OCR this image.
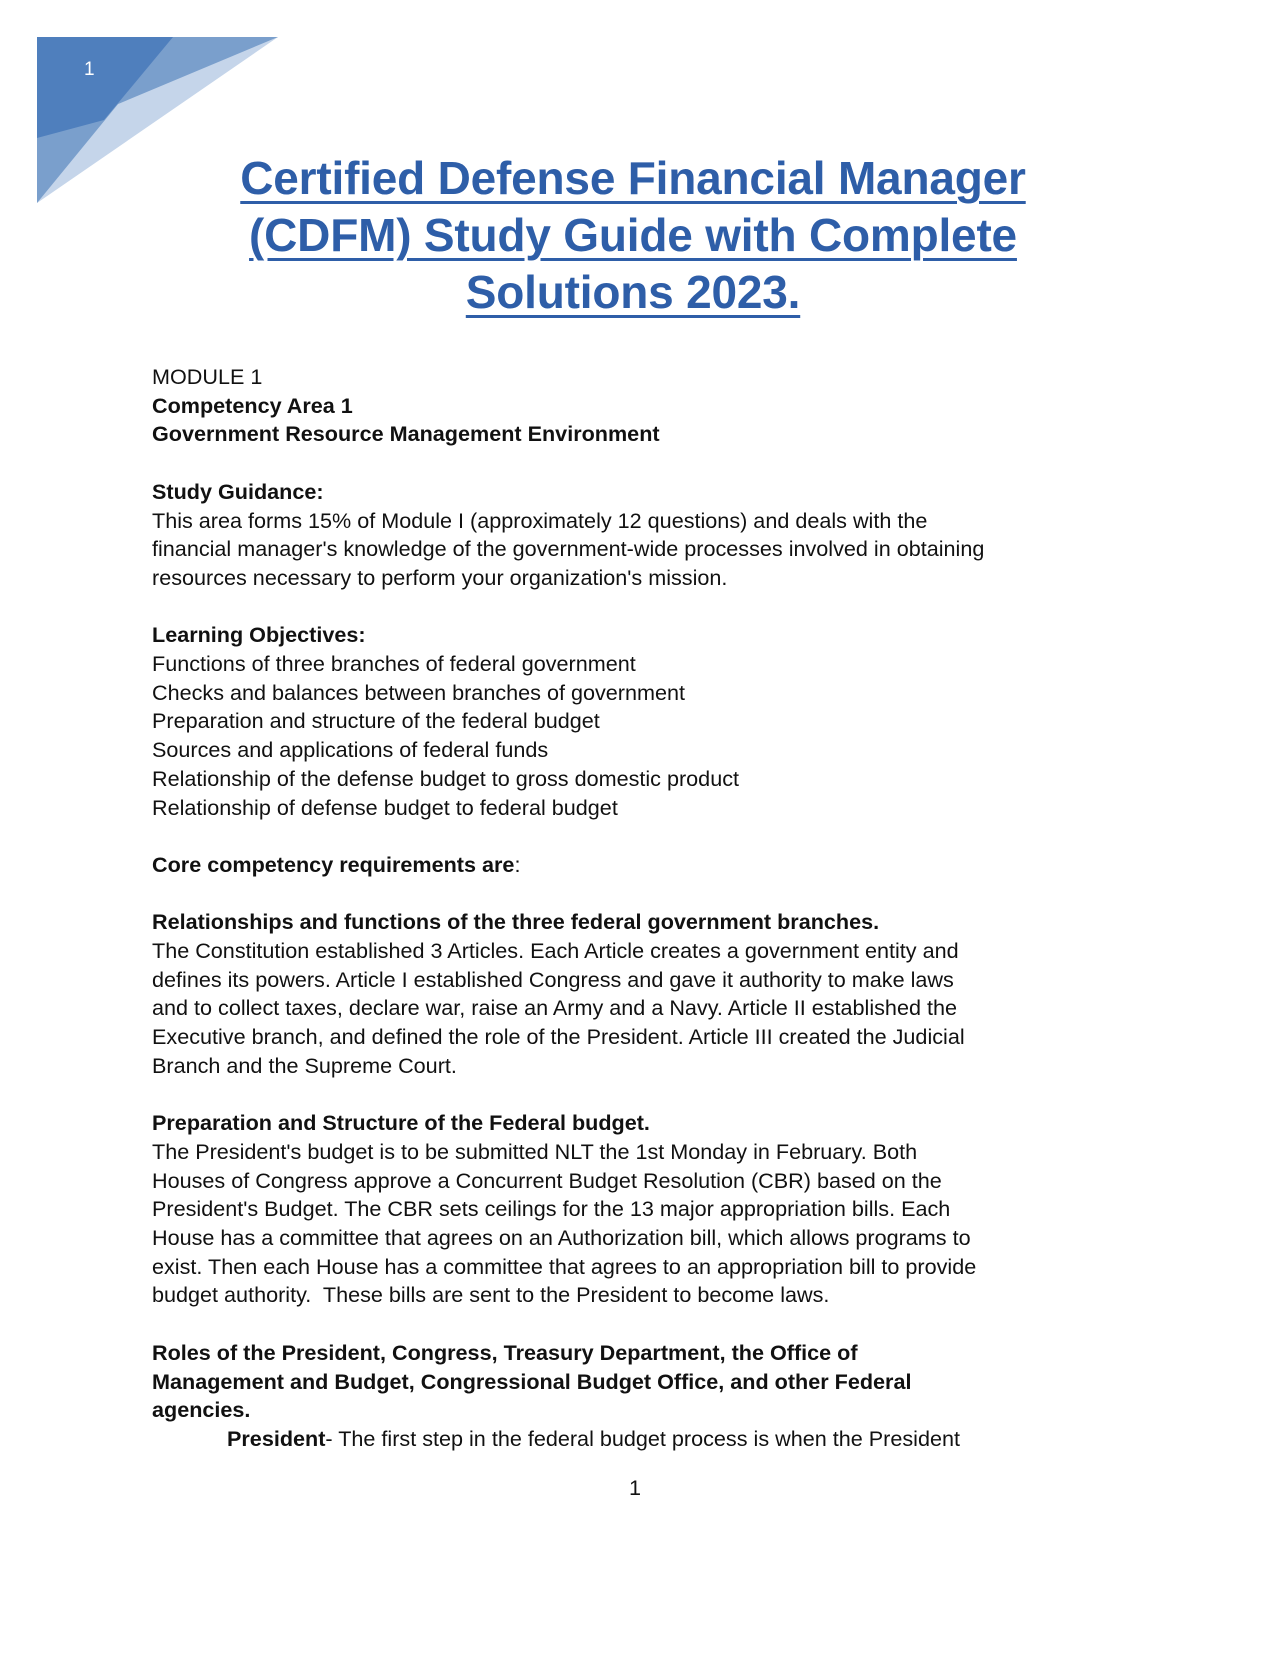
1
Certified Defense Financial Manager
(CDFM) Study Guide with Complete
Solutions 2023.
MODULE 1
Competency Area 1
Government Resource Management Environment
Study Guidance:
This area forms 15% of Module I (approximately 12 questions) and deals with the
financial manager's knowledge of the government-wide processes involved in obtaining
resources necessary to perform your organization's mission.
Learning Objectives:
Functions of three branches of federal government
Checks and balances between branches of government
Preparation and structure of the federal budget
Sources and applications of federal funds
Relationship of the defense budget to gross domestic product
Relationship of defense budget to federal budget
Core competency requirements are:
Relationships and functions of the three federal government branches.
The Constitution established 3 Articles. Each Article creates a government entity and
defines its powers. Article I established Congress and gave it authority to make laws
and to collect taxes, declare war, raise an Army and a Navy. Article II established the
Executive branch, and defined the role of the President. Article III created the Judicial
Branch and the Supreme Court.
Preparation and Structure of the Federal budget.
The President's budget is to be submitted NLT the 1st Monday in February. Both
Houses of Congress approve a Concurrent Budget Resolution (CBR) based on the
President's Budget. The CBR sets ceilings for the 13 major appropriation bills. Each
House has a committee that agrees on an Authorization bill, which allows programs to
exist. Then each House has a committee that agrees to an appropriation bill to provide
budget authority.  These bills are sent to the President to become laws.
Roles of the President, Congress, Treasury Department, the Office of
Management and Budget, Congressional Budget Office, and other Federal
agencies.
President- The first step in the federal budget process is when the President
1
